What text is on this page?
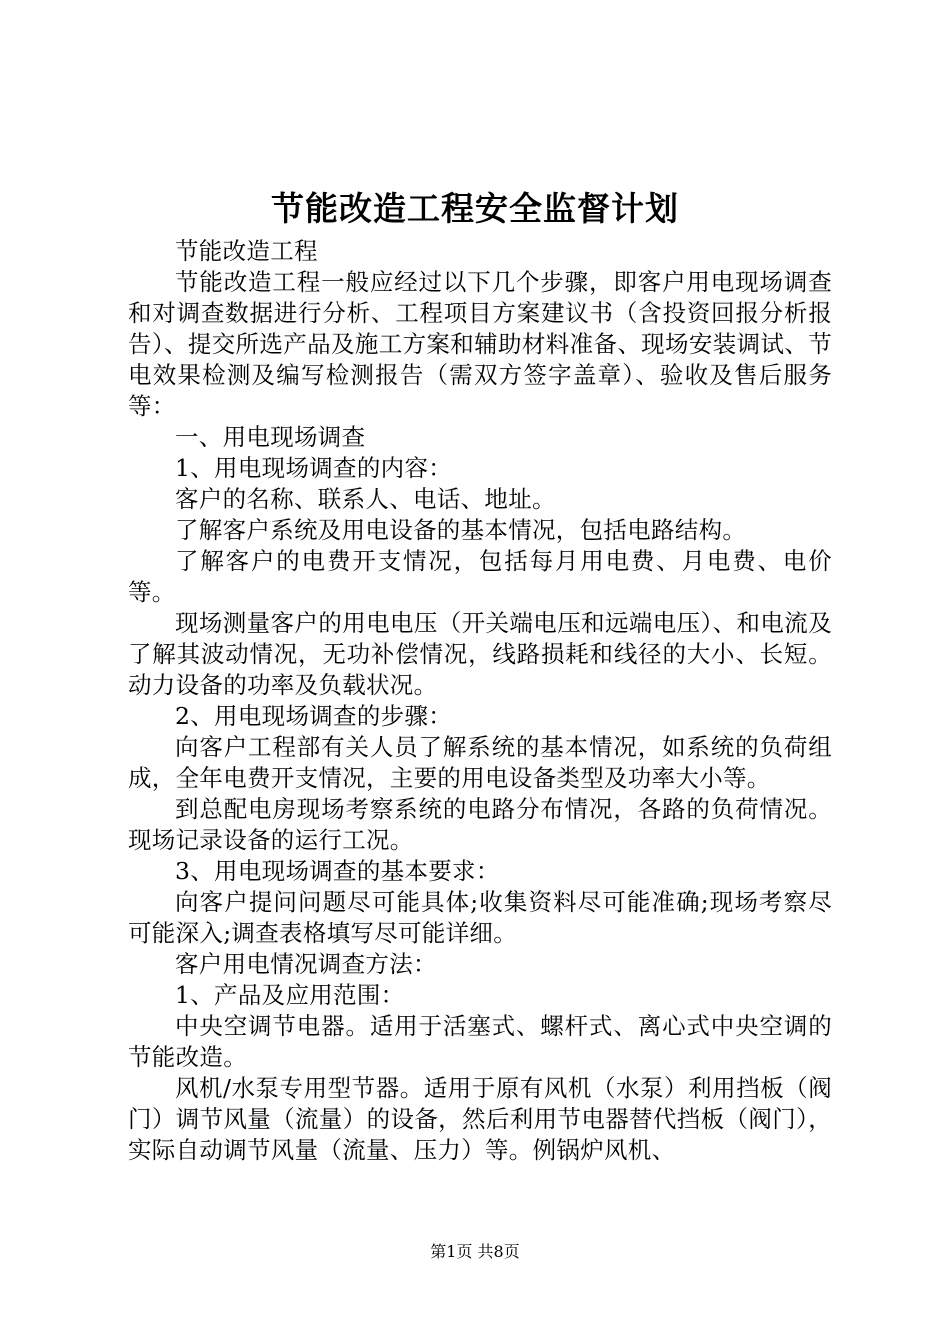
节能改造工程安全监督计划

节能改造工程

节能改造工程一般应经过以下几个步骤，即客户用电现场调查和对调查数据进行分析、工程项目方案建议书（含投资回报分析报告）、提交所选产品及施工方案和辅助材料准备、现场安装调试、节电效果检测及编写检测报告（需双方签字盖章）、验收及售后服务等：

一、用电现场调查

1、用电现场调查的内容：

客户的名称、联系人、电话、地址。

了解客户系统及用电设备的基本情况，包括电路结构。

了解客户的电费开支情况，包括每月用电费、月电费、电价等。

现场测量客户的用电电压（开关端电压和远端电压）、和电流及了解其波动情况，无功补偿情况，线路损耗和线径的大小、长短。动力设备的功率及负载状况。

2、用电现场调查的步骤：

向客户工程部有关人员了解系统的基本情况，如系统的负荷组成，全年电费开支情况，主要的用电设备类型及功率大小等。

到总配电房现场考察系统的电路分布情况，各路的负荷情况。现场记录设备的运行工况。

3、用电现场调查的基本要求：

向客户提问问题尽可能具体;收集资料尽可能准确;现场考察尽可能深入;调查表格填写尽可能详细。

客户用电情况调查方法：

1、产品及应用范围：

中央空调节电器。适用于活塞式、螺杆式、离心式中央空调的节能改造。

风机/水泵专用型节器。适用于原有风机（水泵）利用挡板（阀门）调节风量（流量）的设备，然后利用节电器替代挡板（阀门），实际自动调节风量（流量、压力）等。例锅炉风机、

第1页 共8页
